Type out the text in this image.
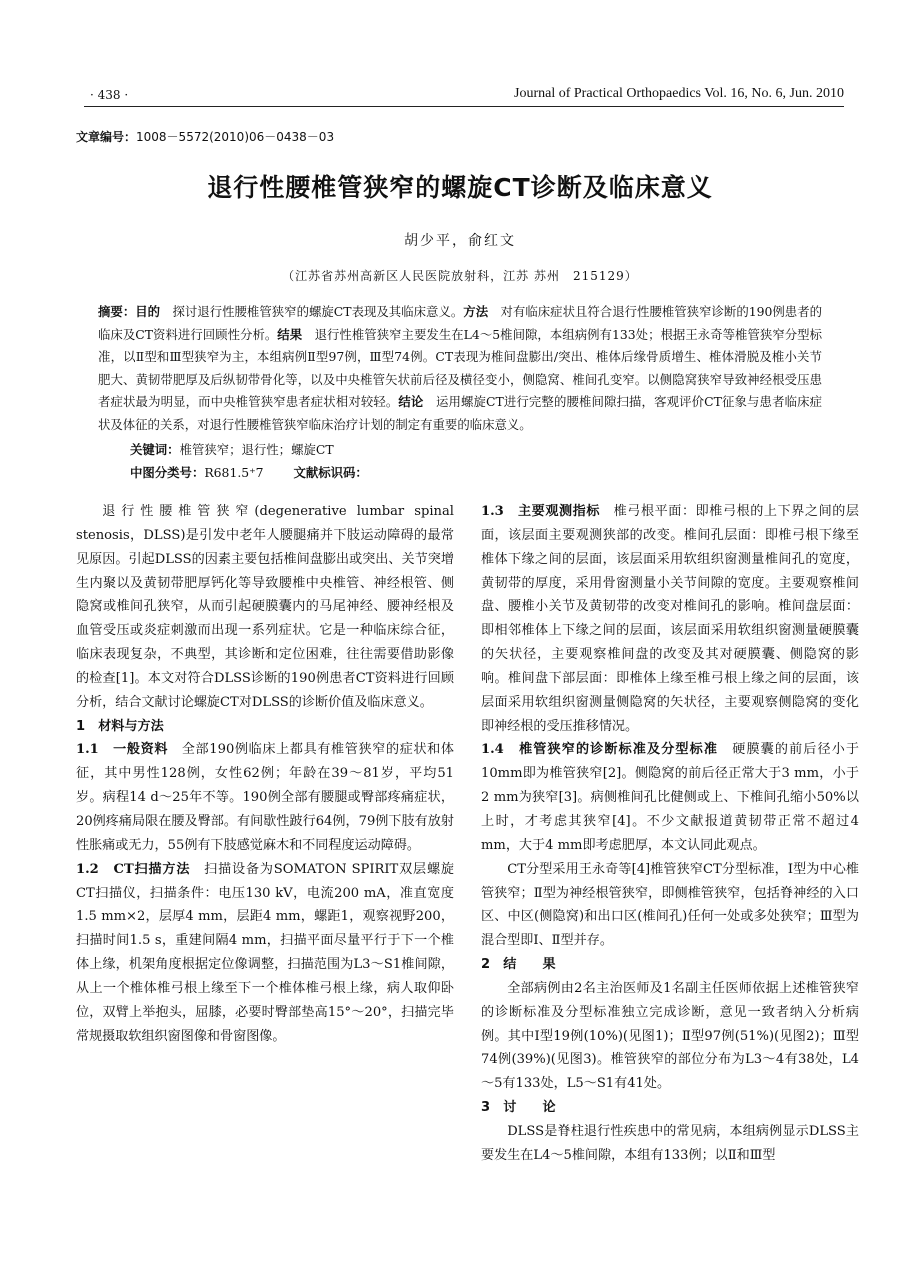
· 438 ·	Journal of Practical Orthopaedics Vol. 16, No. 6, Jun. 2010
文章编号：1008－5572(2010)06－0438－03
退行性腰椎管狭窄的螺旋CT诊断及临床意义
胡少平，俞红文
（江苏省苏州高新区人民医院放射科，江苏 苏州　215129）
摘要：目的　探讨退行性腰椎管狭窄的螺旋CT表现及其临床意义。方法　对有临床症状且符合退行性腰椎管狭窄诊断的190例患者的临床及CT资料进行回顾性分析。结果　退行性椎管狭窄主要发生在L4～5椎间隙，本组病例有133处；根据王永奇等椎管狭窄分型标准，以Ⅱ型和Ⅲ型狭窄为主，本组病例Ⅱ型97例，Ⅲ型74例。CT表现为椎间盘膨出/突出、椎体后缘骨质增生、椎体滑脱及椎小关节肥大、黄韧带肥厚及后纵韧带骨化等，以及中央椎管矢状前后径及横径变小，侧隐窝、椎间孔变窄。以侧隐窝狭窄导致神经根受压患者症状最为明显，而中央椎管狭窄患者症状相对较轻。结论　运用螺旋CT进行完整的腰椎间隙扫描，客观评价CT征象与患者临床症状及体征的关系，对退行性腰椎管狭窄临床治疗计划的制定有重要的临床意义。
关键词：椎管狭窄；退行性；螺旋CT
中图分类号：R681.5⁺7 文献标识码：

退行性腰椎管狭窄(degenerative lumbar spinal stenosis，DLSS)是引发中老年人腰腿痛并下肢运动障碍的最常见原因。引起DLSS的因素主要包括椎间盘膨出或突出、关节突增生内聚以及黄韧带肥厚钙化等导致腰椎中央椎管、神经根管、侧隐窝或椎间孔狭窄，从而引起硬膜囊内的马尾神经、腰神经根及血管受压或炎症刺激而出现一系列症状。它是一种临床综合征，临床表现复杂，不典型，其诊断和定位困难，往往需要借助影像的检查[1]。本文对符合DLSS诊断的190例患者CT资料进行回顾分析，结合文献讨论螺旋CT对DLSS的诊断价值及临床意义。

1　材料与方法

1.1　一般资料　全部190例临床上都具有椎管狭窄的症状和体征，其中男性128例，女性62例；年龄在39～81岁，平均51岁。病程14 d～25年不等。190例全部有腰腿或臀部疼痛症状，20例疼痛局限在腰及臀部。有间歇性跛行64例，79例下肢有放射性胀痛或无力，55例有下肢感觉麻木和不同程度运动障碍。

1.2　CT扫描方法　扫描设备为SOMATON SPIRIT双层螺旋CT扫描仪，扫描条件：电压130 kV，电流200 mA，准直宽度1.5 mm×2，层厚4 mm，层距4 mm，螺距1，观察视野200，扫描时间1.5 s，重建间隔4 mm，扫描平面尽量平行于下一个椎体上缘，机架角度根据定位像调整，扫描范围为L3～S1椎间隙，从上一个椎体椎弓根上缘至下一个椎体椎弓根上缘，病人取仰卧位，双臂上举抱头，屈膝，必要时臀部垫高15°～20°，扫描完毕常规摄取软组织窗图像和骨窗图像。

1.3　主要观测指标　椎弓根平面：即椎弓根的上下界之间的层面，该层面主要观测狭部的改变。椎间孔层面：即椎弓根下缘至椎体下缘之间的层面，该层面采用软组织窗测量椎间孔的宽度，黄韧带的厚度，采用骨窗测量小关节间隙的宽度。主要观察椎间盘、腰椎小关节及黄韧带的改变对椎间孔的影响。椎间盘层面：即相邻椎体上下缘之间的层面，该层面采用软组织窗测量硬膜囊的矢状径，主要观察椎间盘的改变及其对硬膜囊、侧隐窝的影响。椎间盘下部层面：即椎体上缘至椎弓根上缘之间的层面，该层面采用软组织窗测量侧隐窝的矢状径，主要观察侧隐窝的变化即神经根的受压推移情况。

1.4　椎管狭窄的诊断标准及分型标准　硬膜囊的前后径小于10mm即为椎管狭窄[2]。侧隐窝的前后径正常大于3 mm，小于2 mm为狭窄[3]。病侧椎间孔比健侧或上、下椎间孔缩小50%以上时，才考虑其狭窄[4]。不少文献报道黄韧带正常不超过4 mm，大于4 mm即考虑肥厚，本文认同此观点。

CT分型采用王永奇等[4]椎管狭窄CT分型标准，Ⅰ型为中心椎管狭窄；Ⅱ型为神经根管狭窄，即侧椎管狭窄，包括脊神经的入口区、中区(侧隐窝)和出口区(椎间孔)任何一处或多处狭窄；Ⅲ型为混合型即Ⅰ、Ⅱ型并存。

2　结　　果

全部病例由2名主治医师及1名副主任医师依据上述椎管狭窄的诊断标准及分型标准独立完成诊断，意见一致者纳入分析病例。其中Ⅰ型19例(10%)(见图1)；Ⅱ型97例(51%)(见图2)；Ⅲ型74例(39%)(见图3)。椎管狭窄的部位分布为L3～4有38处，L4～5有133处，L5～S1有41处。

3　讨　　论

DLSS是脊柱退行性疾患中的常见病，本组病例显示DLSS主要发生在L4～5椎间隙，本组有133例；以Ⅱ和Ⅲ型
